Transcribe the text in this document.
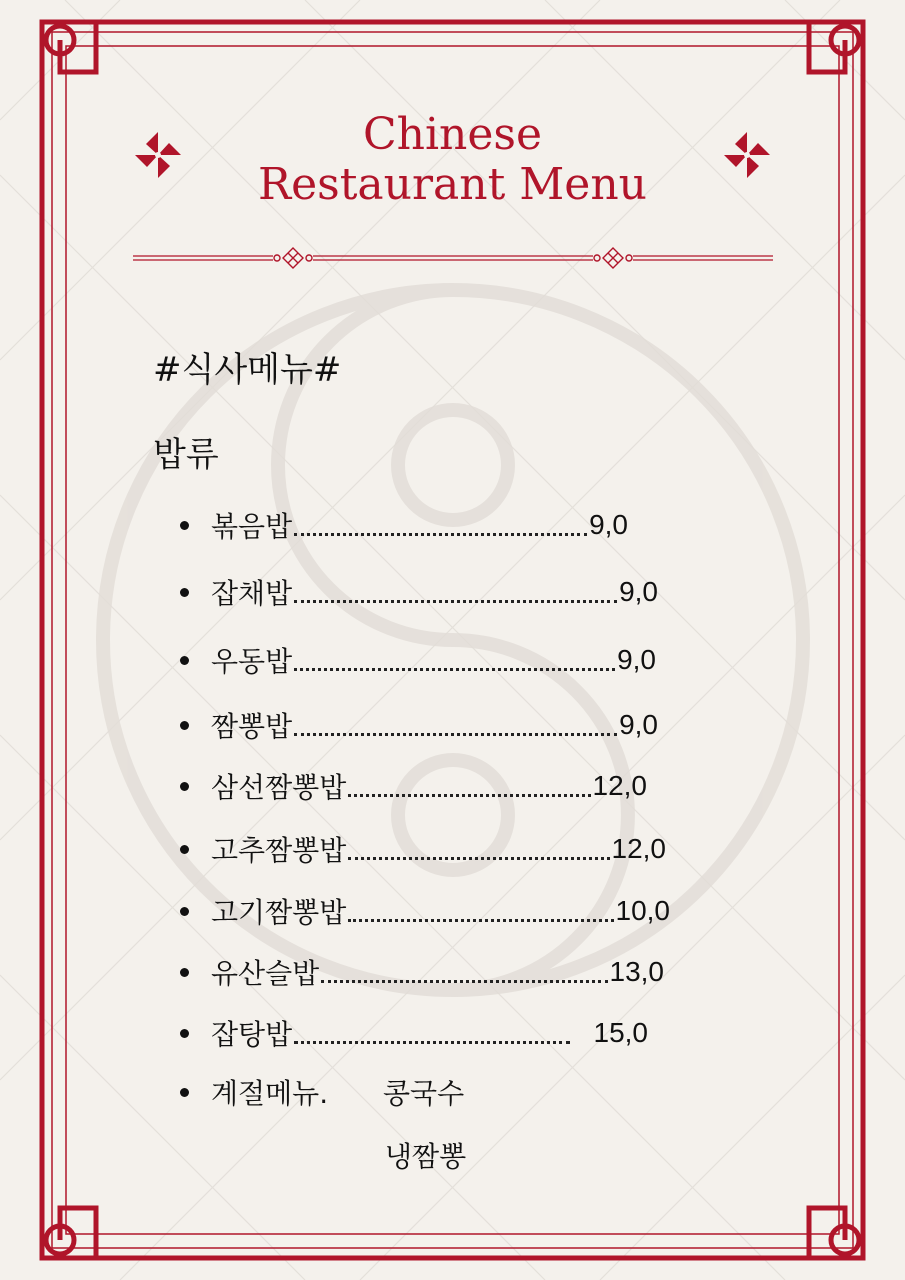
Chinese
Restaurant Menu
#식사메뉴#
밥류
볶음밥	9,0
잡채밥	9,0
우동밥	9,0
짬뽕밥	9,0
삼선짬뽕밥	12,0
고추짬뽕밥	12,0
고기짬뽕밥	10,0
유산슬밥	13,0
잡탕밥	15,0
계절메뉴.	콩국수
냉짬뽕
